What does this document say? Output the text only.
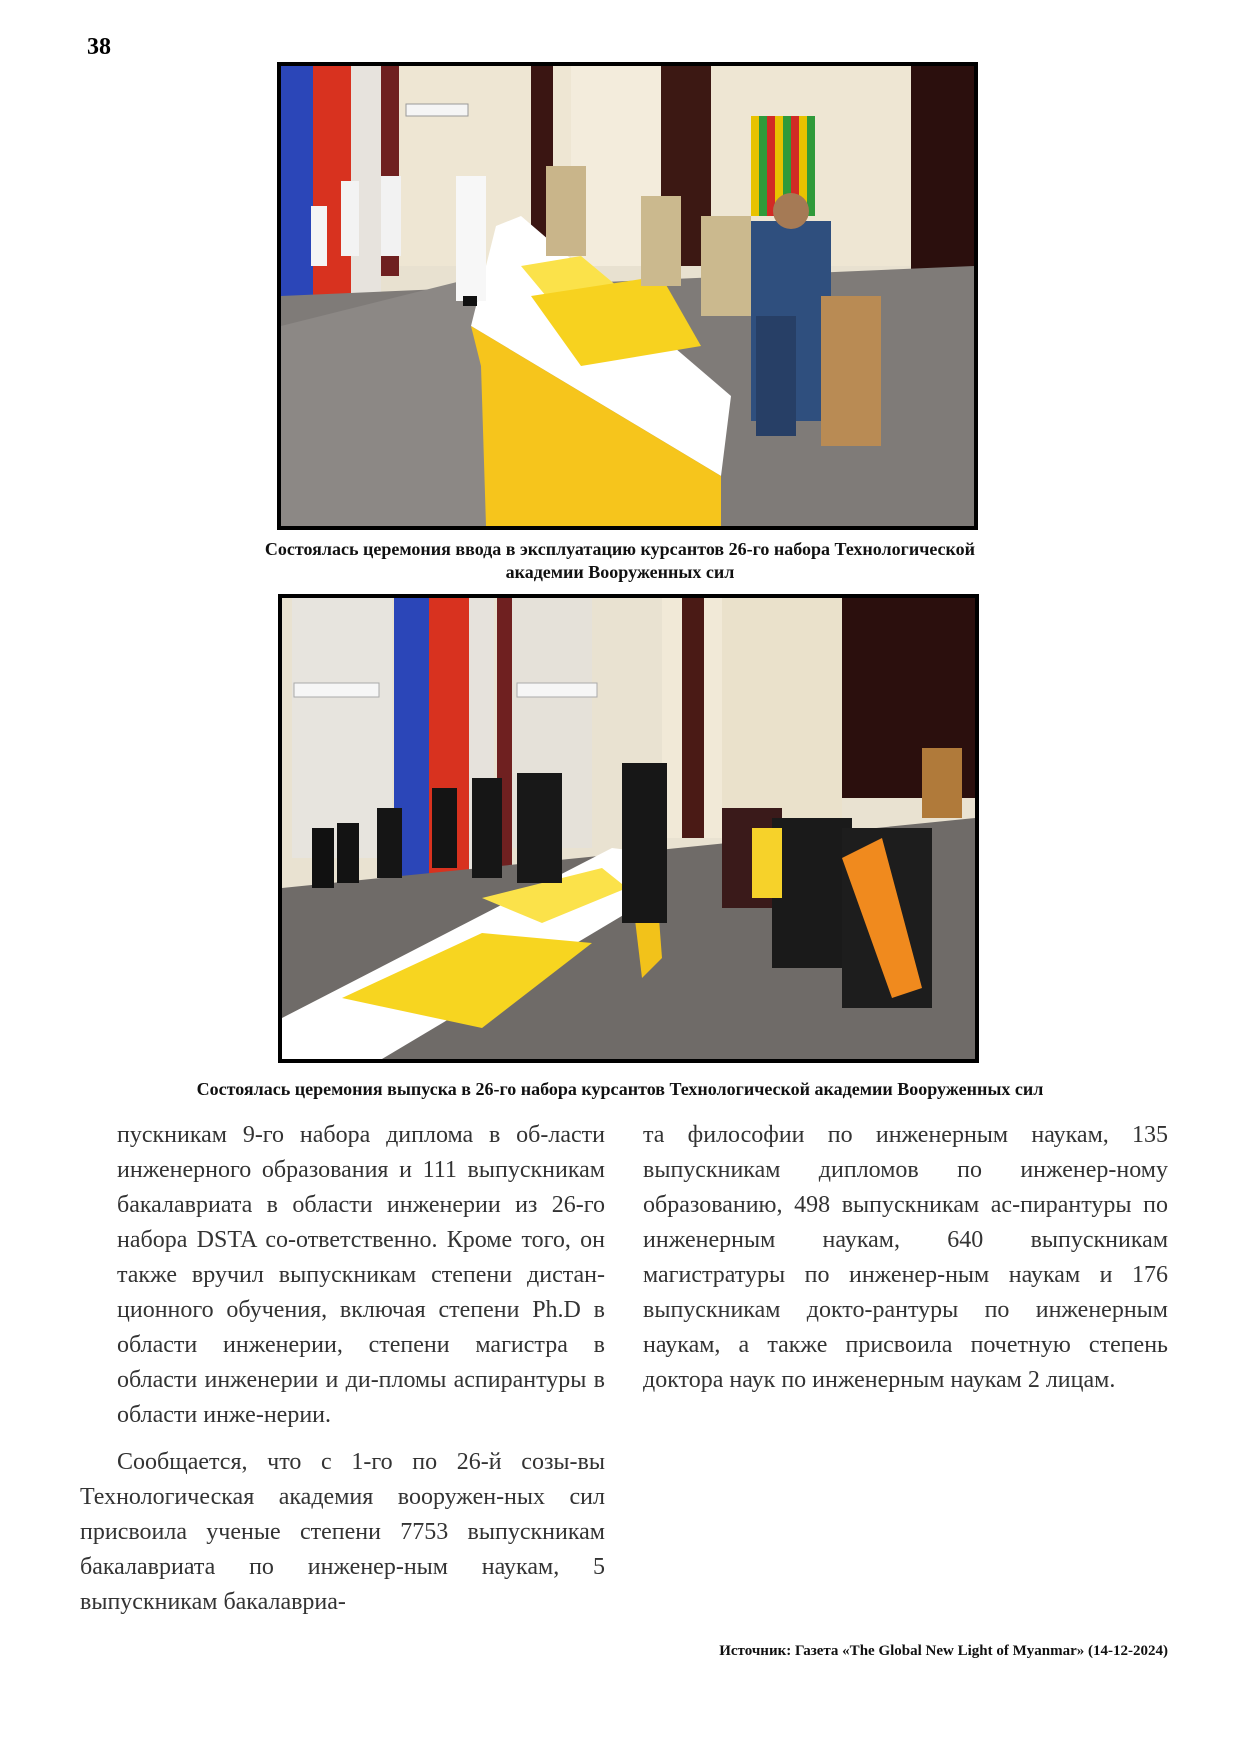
38
Состоялась церемония ввода в эксплуатацию курсантов 26-го набора Технологической
академии Вооруженных сил
Состоялась церемония выпуска в 26-го набора курсантов Технологической академии Вооруженных сил

пускникам 9-го набора диплома в об-ласти инженерного образования и 111 выпускникам бакалавриата в области инженерии из 26-го набора DSTA со-ответственно. Кроме того, он также вручил выпускникам степени дистан-ционного обучения, включая степени Ph.D в области инженерии, степени магистра в области инженерии и ди-пломы аспирантуры в области инже-нерии.

Сообщается, что с 1-го по 26-й созы-вы Технологическая академия вооружен-ных сил присвоила ученые степени 7753 выпускникам бакалавриата по инженер-ным наукам, 5 выпускникам бакалавриа-

та философии по инженерным наукам, 135 выпускникам дипломов по инженер-ному образованию, 498 выпускникам ас-пирантуры по инженерным наукам, 640 выпускникам магистратуры по инженер-ным наукам и 176 выпускникам докто-рантуры по инженерным наукам, а также присвоила почетную степень доктора наук по инженерным наукам 2 лицам.

Источник: Газета «The Global New Light of Myanmar» (14-12-2024)
